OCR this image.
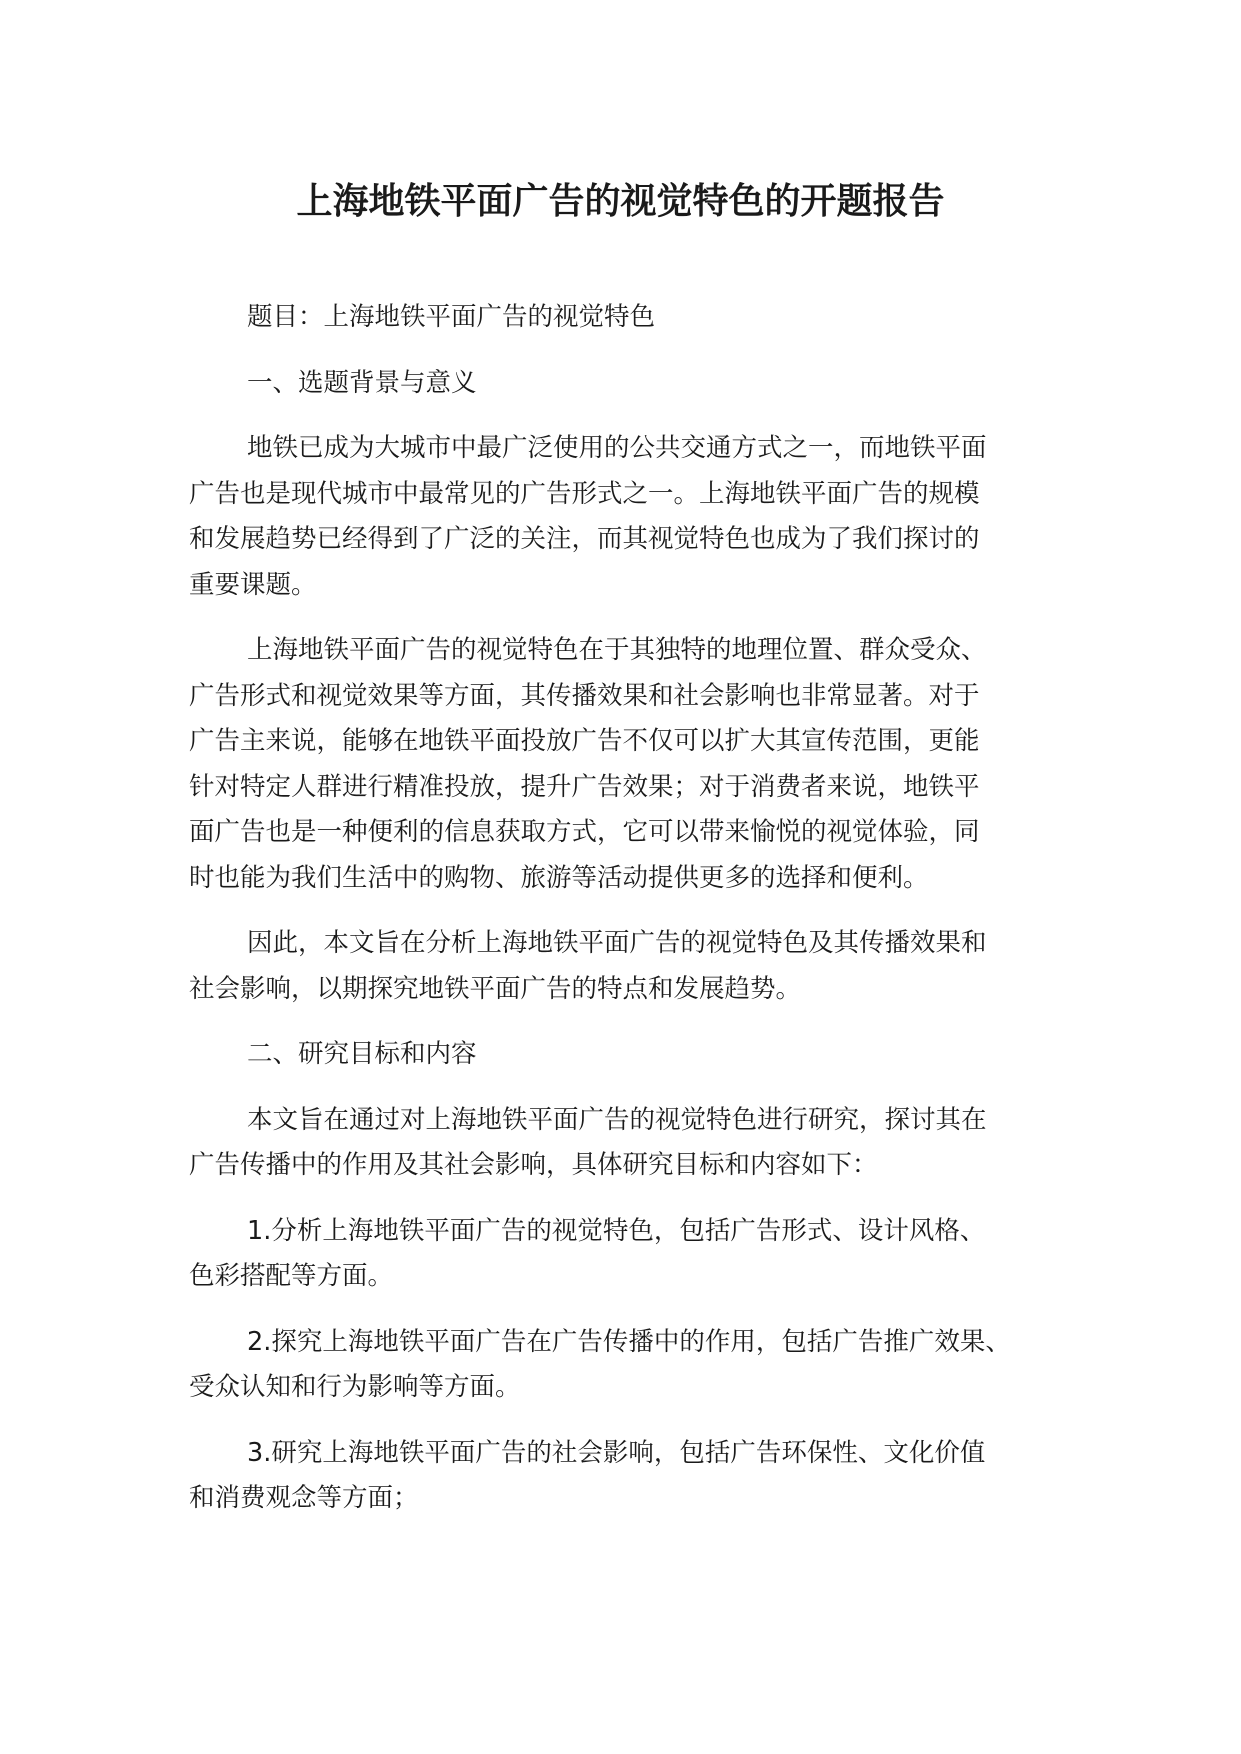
上海地铁平面广告的视觉特色的开题报告

题目：上海地铁平面广告的视觉特色

一、选题背景与意义

地铁已成为大城市中最广泛使用的公共交通方式之一，而地铁平面
广告也是现代城市中最常见的广告形式之一。上海地铁平面广告的规模
和发展趋势已经得到了广泛的关注，而其视觉特色也成为了我们探讨的
重要课题。

上海地铁平面广告的视觉特色在于其独特的地理位置、群众受众、
广告形式和视觉效果等方面，其传播效果和社会影响也非常显著。对于
广告主来说，能够在地铁平面投放广告不仅可以扩大其宣传范围，更能
针对特定人群进行精准投放，提升广告效果；对于消费者来说，地铁平
面广告也是一种便利的信息获取方式，它可以带来愉悦的视觉体验，同
时也能为我们生活中的购物、旅游等活动提供更多的选择和便利。

因此，本文旨在分析上海地铁平面广告的视觉特色及其传播效果和
社会影响，以期探究地铁平面广告的特点和发展趋势。

二、研究目标和内容

本文旨在通过对上海地铁平面广告的视觉特色进行研究，探讨其在
广告传播中的作用及其社会影响，具体研究目标和内容如下：

1.分析上海地铁平面广告的视觉特色，包括广告形式、设计风格、
色彩搭配等方面。

2.探究上海地铁平面广告在广告传播中的作用，包括广告推广效果、
受众认知和行为影响等方面。

3.研究上海地铁平面广告的社会影响，包括广告环保性、文化价值
和消费观念等方面；
